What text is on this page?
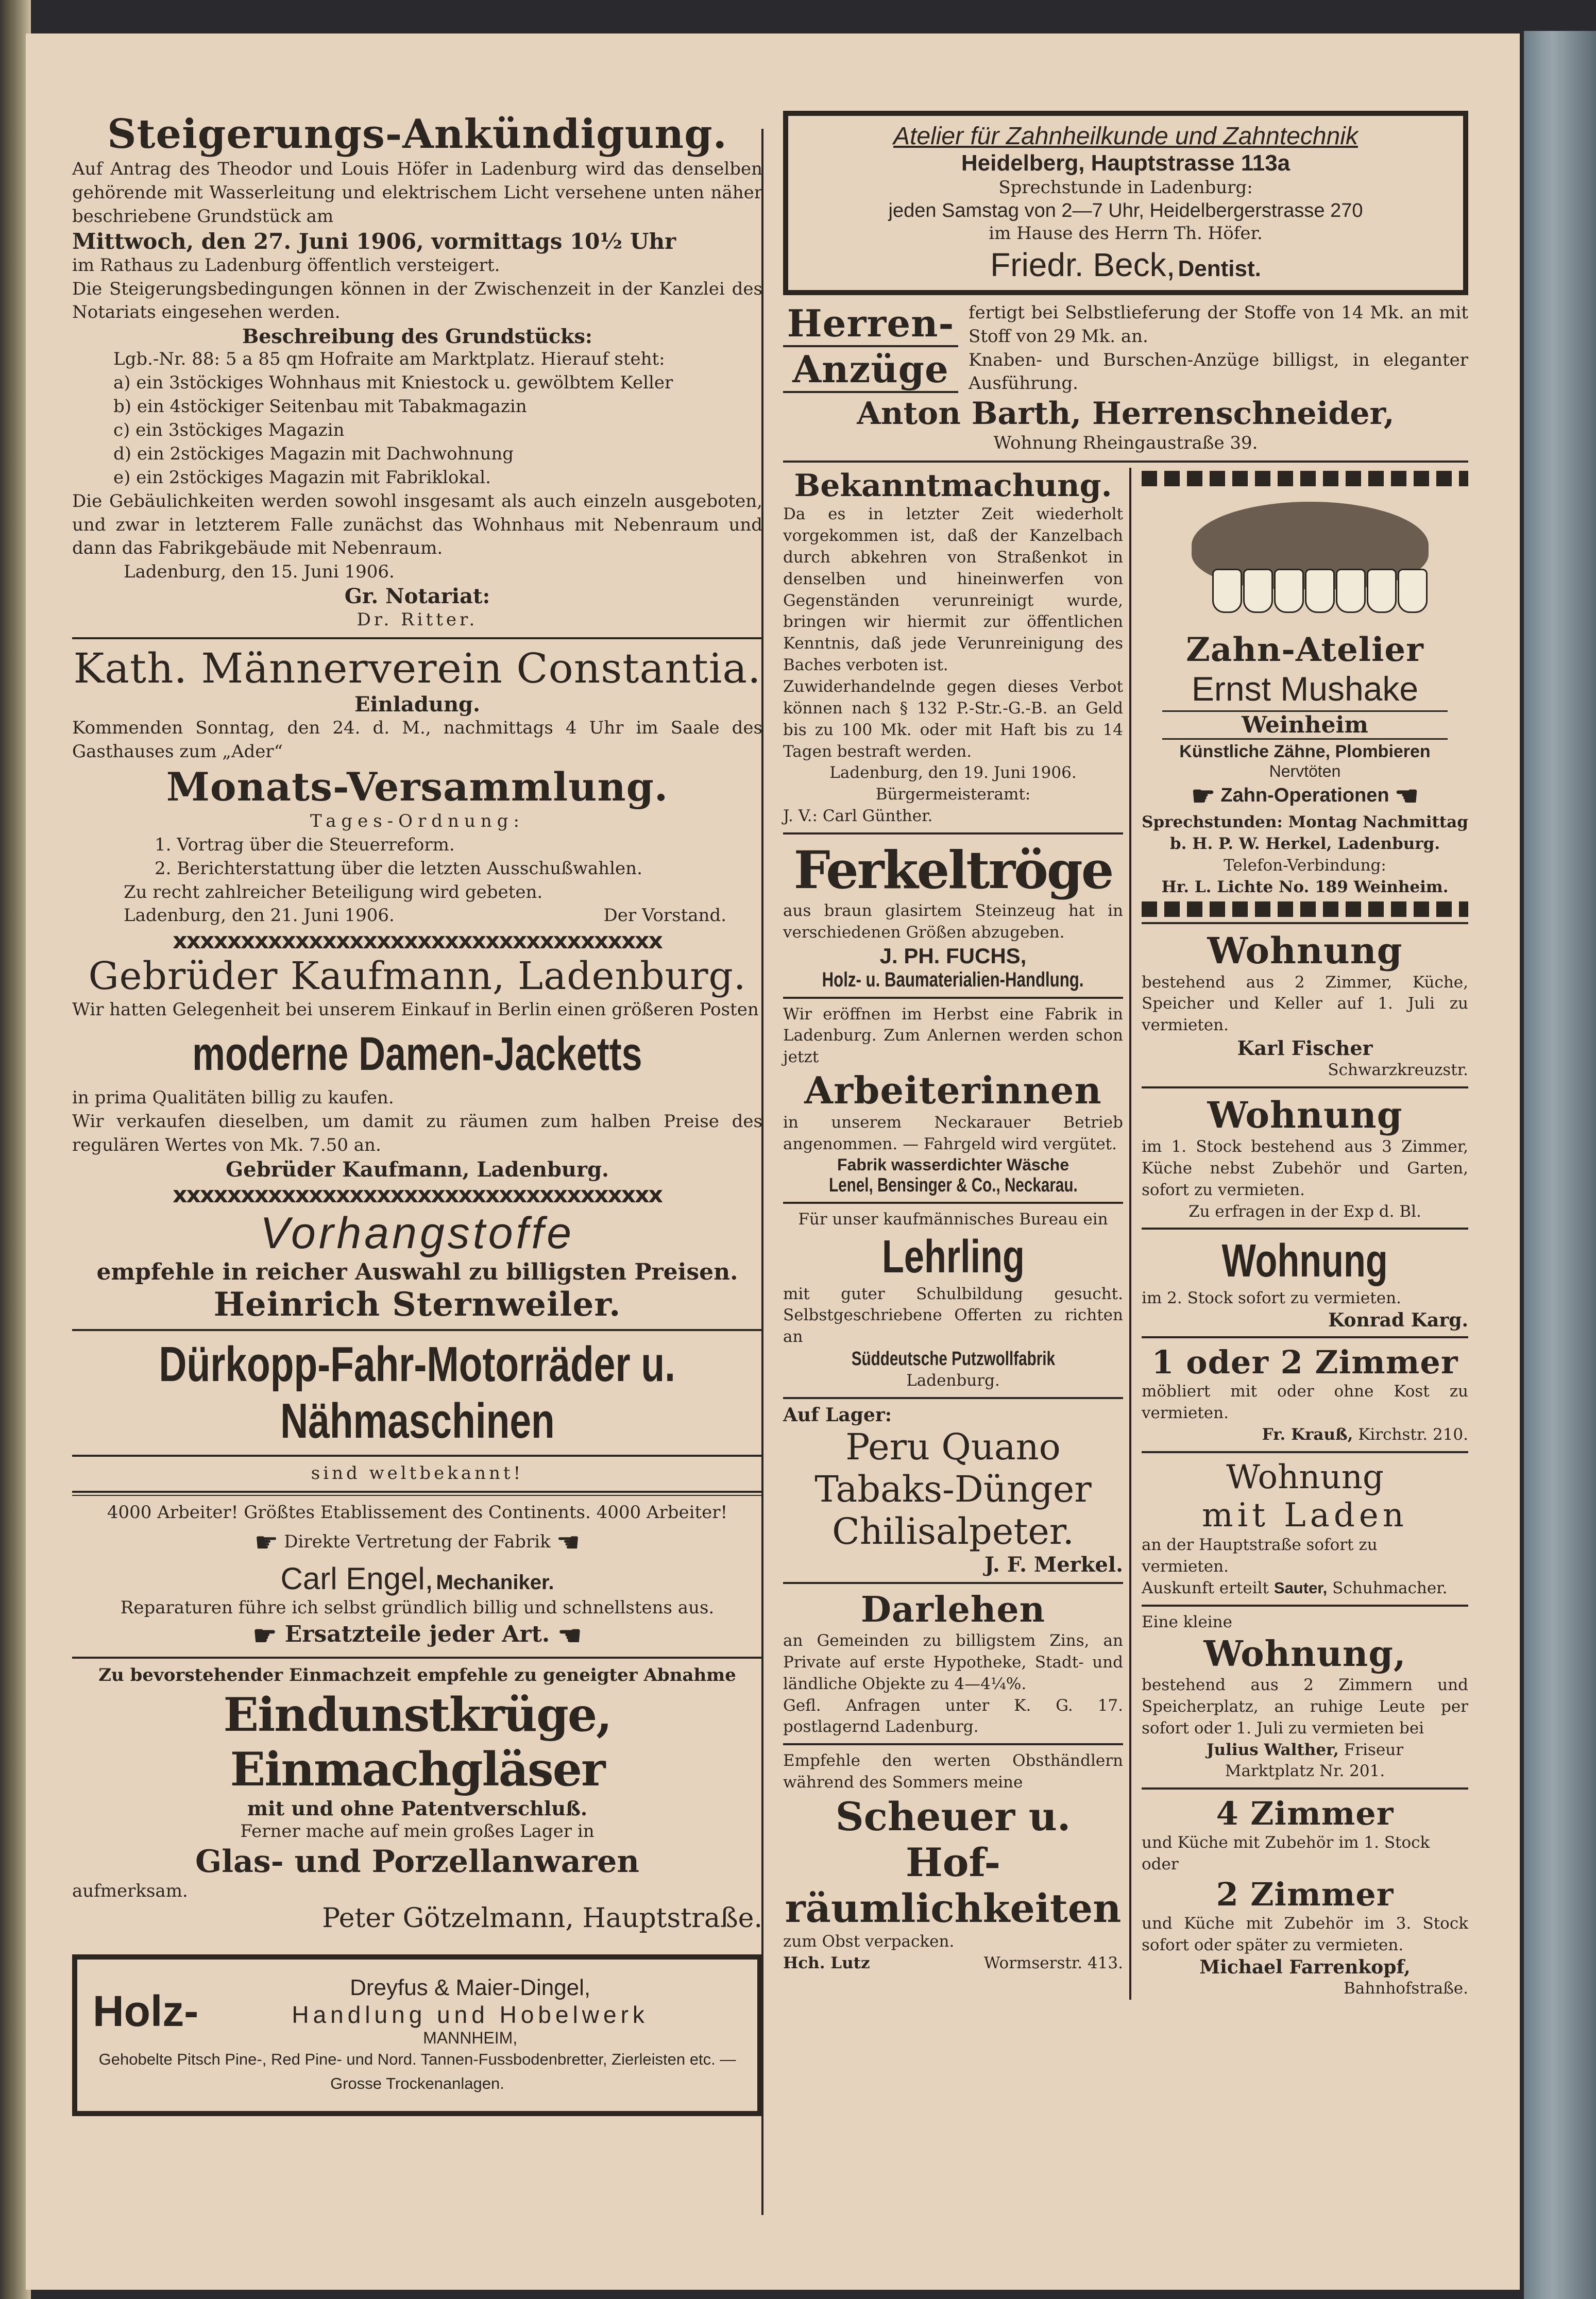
Steigerungs-Ankündigung.
Auf Antrag des Theodor und Louis Höfer in Ladenburg wird das denselben gehörende mit Wasserleitung und elektrischem Licht versehene unten näher beschriebene Grundstück am
Mittwoch, den 27. Juni 1906, vormittags 10½ Uhr
im Rathaus zu Ladenburg öffentlich versteigert.
Die Steigerungsbedingungen können in der Zwischenzeit in der Kanzlei des Notariats eingesehen werden.
Beschreibung des Grundstücks:
Lgb.-Nr. 88: 5 a 85 qm Hofraite am Marktplatz. Hierauf steht:
a) ein 3stöckiges Wohnhaus mit Kniestock u. gewölbtem Keller
b) ein 4stöckiger Seitenbau mit Tabakmagazin
c) ein 3stöckiges Magazin
d) ein 2stöckiges Magazin mit Dachwohnung
e) ein 2stöckiges Magazin mit Fabriklokal.
Die Gebäulichkeiten werden sowohl insgesamt als auch einzeln ausgeboten, und zwar in letzterem Falle zunächst das Wohnhaus mit Nebenraum und dann das Fabrikgebäude mit Nebenraum.
Ladenburg, den 15. Juni 1906.
Gr. Notariat:
Dr. Ritter.
Kath. Männerverein Constantia.
Einladung.
Kommenden Sonntag, den 24. d. M., nachmittags 4 Uhr im Saale des Gasthauses zum „Ader“
Monats-Versammlung.
Tages-Ordnung:
1. Vortrag über die Steuerreform.
2. Berichterstattung über die letzten Ausschußwahlen.
Zu recht zahlreicher Beteiligung wird gebeten.
Ladenburg, den 21. Juni 1906.	Der Vorstand.
xxxxxxxxxxxxxxxxxxxxxxxxxxxxxxxxxxxx
Gebrüder Kaufmann, Ladenburg.
Wir hatten Gelegenheit bei unserem Einkauf in Berlin einen größeren Posten
moderne Damen-Jacketts
in prima Qualitäten billig zu kaufen.
Wir verkaufen dieselben, um damit zu räumen zum halben Preise des regulären Wertes von Mk. 7.50 an.
Gebrüder Kaufmann, Ladenburg.
xxxxxxxxxxxxxxxxxxxxxxxxxxxxxxxxxxxx
Vorhangstoffe
empfehle in reicher Auswahl zu billigsten Preisen.
Heinrich Sternweiler.
Dürkopp-Fahr-Motorräder u.
Nähmaschinen
sind weltbekannt!
4000 Arbeiter! Größtes Etablissement des Continents. 4000 Arbeiter!
☛ Direkte Vertretung der Fabrik ☚
Carl Engel, Mechaniker.
Reparaturen führe ich selbst gründlich billig und schnellstens aus.
☛ Ersatzteile jeder Art. ☚
Zu bevorstehender Einmachzeit empfehle zu geneigter Abnahme
Eindunstkrüge, Einmachgläser
mit und ohne Patentverschluß.
Ferner mache auf mein großes Lager in
Glas- und Porzellanwaren
aufmerksam.
Peter Götzelmann, Hauptstraße.
Holz-	Dreyfus & Maier-Dingel,
Handlung und Hobelwerk
MANNHEIM,
Gehobelte Pitsch Pine-, Red Pine- und Nord. Tannen-Fussbodenbretter, Zierleisten etc. — Grosse Trockenanlagen.
Atelier für Zahnheilkunde und Zahntechnik
Heidelberg, Hauptstrasse 113a
Sprechstunde in Ladenburg:
jeden Samstag von 2—7 Uhr, Heidelbergerstrasse 270
im Hause des Herrn Th. Höfer.
Friedr. Beck, Dentist.
Herren-
Anzüge
fertigt bei Selbstlieferung der Stoffe von 14 Mk. an mit Stoff von 29 Mk. an.
Knaben- und Burschen-Anzüge billigst, in eleganter Ausführung.
Anton Barth, Herrenschneider,
Wohnung Rheingaustraße 39.
Bekanntmachung.
Da es in letzter Zeit wiederholt vorgekommen ist, daß der Kanzelbach durch abkehren von Straßenkot in denselben und hineinwerfen von Gegenständen verunreinigt wurde, bringen wir hiermit zur öffentlichen Kenntnis, daß jede Verunreinigung des Baches verboten ist.
Zuwiderhandelnde gegen dieses Verbot können nach § 132 P.-Str.-G.-B. an Geld bis zu 100 Mk. oder mit Haft bis zu 14 Tagen bestraft werden.
Ladenburg, den 19. Juni 1906.
Bürgermeisteramt:
J. V.: Carl Günther.
Ferkeltröge
aus braun glasirtem Steinzeug hat in verschiedenen Größen abzugeben.
J. PH. FUCHS,
Holz- u. Baumaterialien-Handlung.
Wir eröffnen im Herbst eine Fabrik in Ladenburg. Zum Anlernen werden schon jetzt
Arbeiterinnen
in unserem Neckarauer Betrieb angenommen. — Fahrgeld wird vergütet.
Fabrik wasserdichter Wäsche
Lenel, Bensinger & Co., Neckarau.
Für unser kaufmännisches Bureau ein
Lehrling
mit guter Schulbildung gesucht. Selbstgeschriebene Offerten zu richten an
Süddeutsche Putzwollfabrik
Ladenburg.
Auf Lager:
Peru Quano
Tabaks-Dünger
Chilisalpeter.
J. F. Merkel.
Darlehen
an Gemeinden zu billigstem Zins, an Private auf erste Hypotheke, Stadt- und ländliche Objekte zu 4—4¼%.
Gefl. Anfragen unter K. G. 17. postlagernd Ladenburg.
Empfehle den werten Obsthändlern während des Sommers meine
Scheuer u. Hof-
räumlichkeiten
zum Obst verpacken.
Hch. Lutz	Wormserstr. 413.
Zahn-Atelier
Ernst Mushake
Weinheim
Künstliche Zähne, Plombieren
Nervtöten
☛ Zahn-Operationen ☚
Sprechstunden: Montag Nachmittag
b. H. P. W. Herkel, Ladenburg.
Telefon-Verbindung:
Hr. L. Lichte No. 189 Weinheim.
Wohnung
bestehend aus 2 Zimmer, Küche, Speicher und Keller auf 1. Juli zu vermieten.
Karl Fischer
Schwarzkreuzstr.
Wohnung
im 1. Stock bestehend aus 3 Zimmer, Küche nebst Zubehör und Garten, sofort zu vermieten.
Zu erfragen in der Exp d. Bl.
Wohnung
im 2. Stock sofort zu vermieten.
Konrad Karg.
1 oder 2 Zimmer
möbliert mit oder ohne Kost zu vermieten.
Fr. Krauß, Kirchstr. 210.
Wohnung
mit Laden
an der Hauptstraße sofort zu vermieten.
Auskunft erteilt Sauter, Schuhmacher.
Eine kleine
Wohnung,
bestehend aus 2 Zimmern und Speicherplatz, an ruhige Leute per sofort oder 1. Juli zu vermieten bei
Julius Walther, Friseur
Marktplatz Nr. 201.
4 Zimmer
und Küche mit Zubehör im 1. Stock oder
2 Zimmer
und Küche mit Zubehör im 3. Stock sofort oder später zu vermieten.
Michael Farrenkopf,
Bahnhofstraße.
